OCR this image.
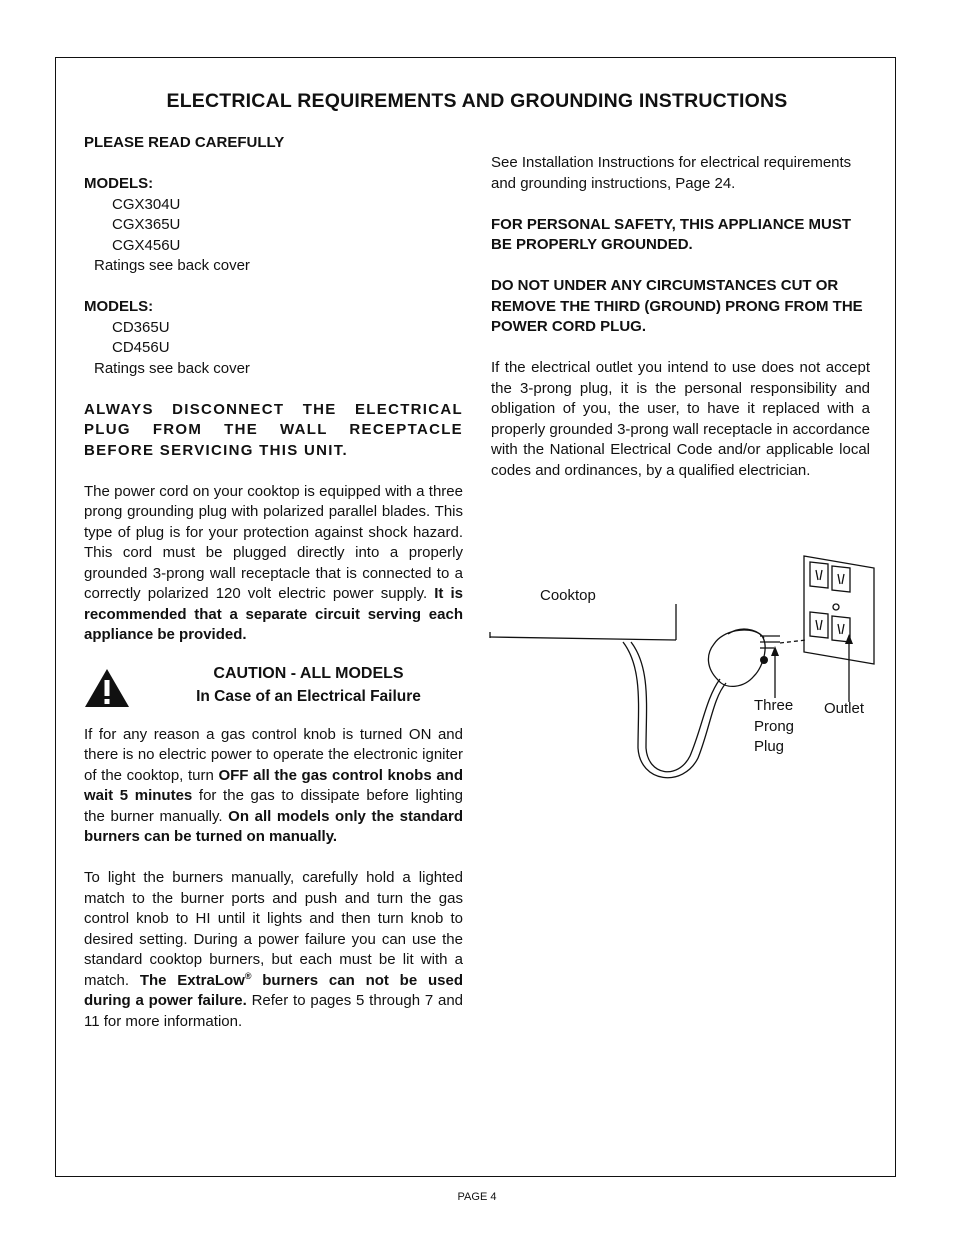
ELECTRICAL REQUIREMENTS AND GROUNDING INSTRUCTIONS
PLEASE READ CAREFULLY
MODELS:
CGX304U
CGX365U
CGX456U
Ratings see back cover
MODELS:
CD365U
CD456U
Ratings see back cover
ALWAYS DISCONNECT THE ELECTRICAL PLUG FROM THE WALL RECEPTACLE BEFORE SERVICING THIS UNIT.
The power cord on your cooktop is equipped with a three prong grounding plug with polarized parallel blades. This type of plug is for your protection against shock hazard. This cord must be plugged directly into a properly grounded 3-prong wall receptacle that is connected to a correctly polarized 120 volt electric power supply. It is recommended that a separate circuit serving each appliance be provided.
CAUTION - ALL MODELS
In Case of an Electrical Failure
If for any reason a gas control knob is turned ON and there is no electric power to operate the electronic igniter of the cooktop, turn OFF all the gas control knobs and wait 5 minutes for the gas to dissipate before lighting the burner manually. On all models only the standard burners can be turned on manually.
To light the burners manually, carefully hold a lighted match to the burner ports and push and turn the gas control knob to HI until it lights and then turn knob to desired setting. During a power failure you can use the standard cooktop burners, but each must be lit with a match. The ExtraLow® burners can not be used during a power failure. Refer to pages 5 through 7 and 11 for more information.
See Installation Instructions for electrical requirements and grounding instructions, Page 24.
FOR PERSONAL SAFETY, THIS APPLIANCE MUST BE PROPERLY GROUNDED.
DO NOT UNDER ANY CIRCUMSTANCES CUT OR REMOVE THE THIRD (GROUND) PRONG FROM THE POWER CORD PLUG.
If the electrical outlet you intend to use does not accept the 3-prong plug, it is the personal responsibility and obligation of you, the user, to have it replaced with a properly grounded 3-prong wall receptacle in accordance with the National Electrical Code and/or applicable local codes and ordinances, by a qualified electrician.
Cooktop
Three
Prong
Plug
Outlet
PAGE 4
